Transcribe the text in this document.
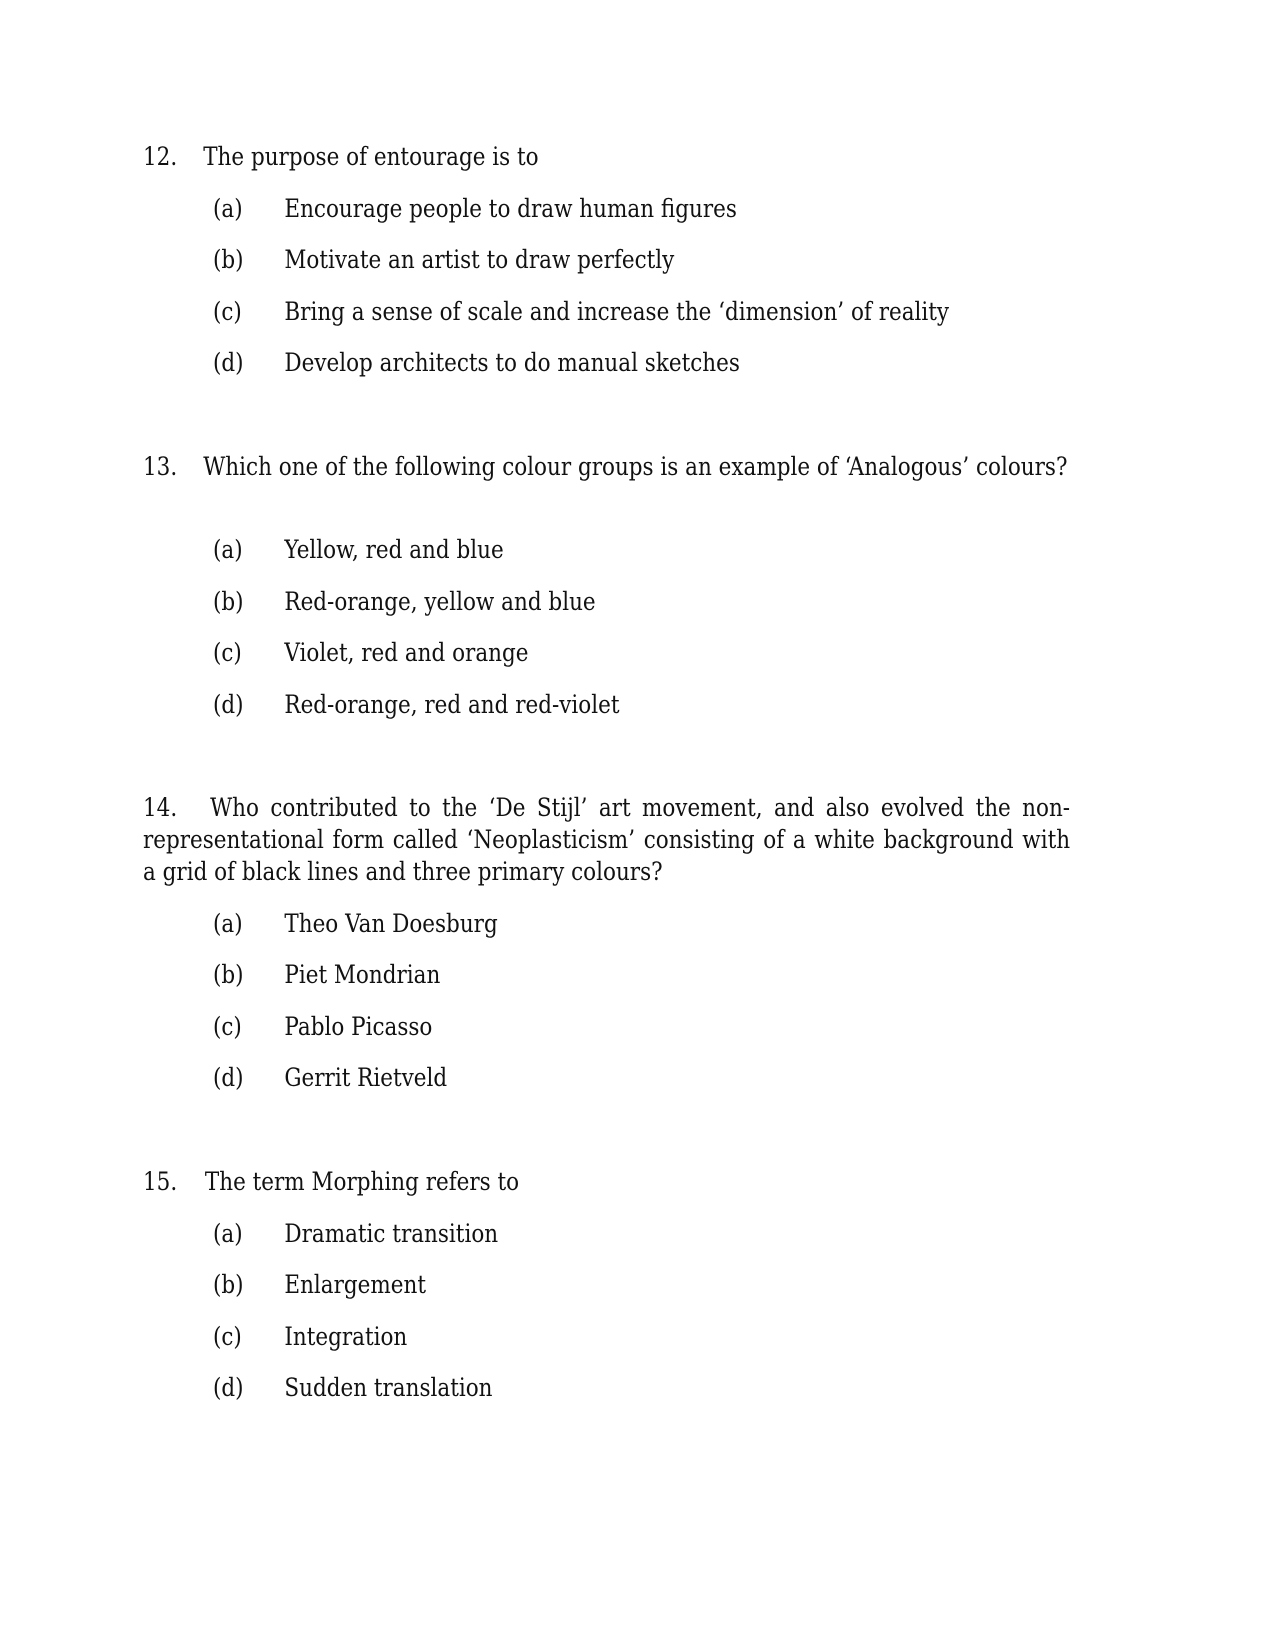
12. The purpose of entourage is to
(a) Encourage people to draw human figures
(b) Motivate an artist to draw perfectly
(c) Bring a sense of scale and increase the ‘dimension’ of reality
(d) Develop architects to do manual sketches
13. Which one of the following colour groups is an example of ‘Analogous’ colours?
(a) Yellow, red and blue
(b) Red-orange, yellow and blue
(c) Violet, red and orange
(d) Red-orange, red and red-violet
14. Who contributed to the ‘De Stijl’ art movement, and also evolved the non-representational form called ‘Neoplasticism’ consisting of a white background with a grid of black lines and three primary colours?
(a) Theo Van Doesburg
(b) Piet Mondrian
(c) Pablo Picasso
(d) Gerrit Rietveld
15. The term Morphing refers to
(a) Dramatic transition
(b) Enlargement
(c) Integration
(d) Sudden translation
